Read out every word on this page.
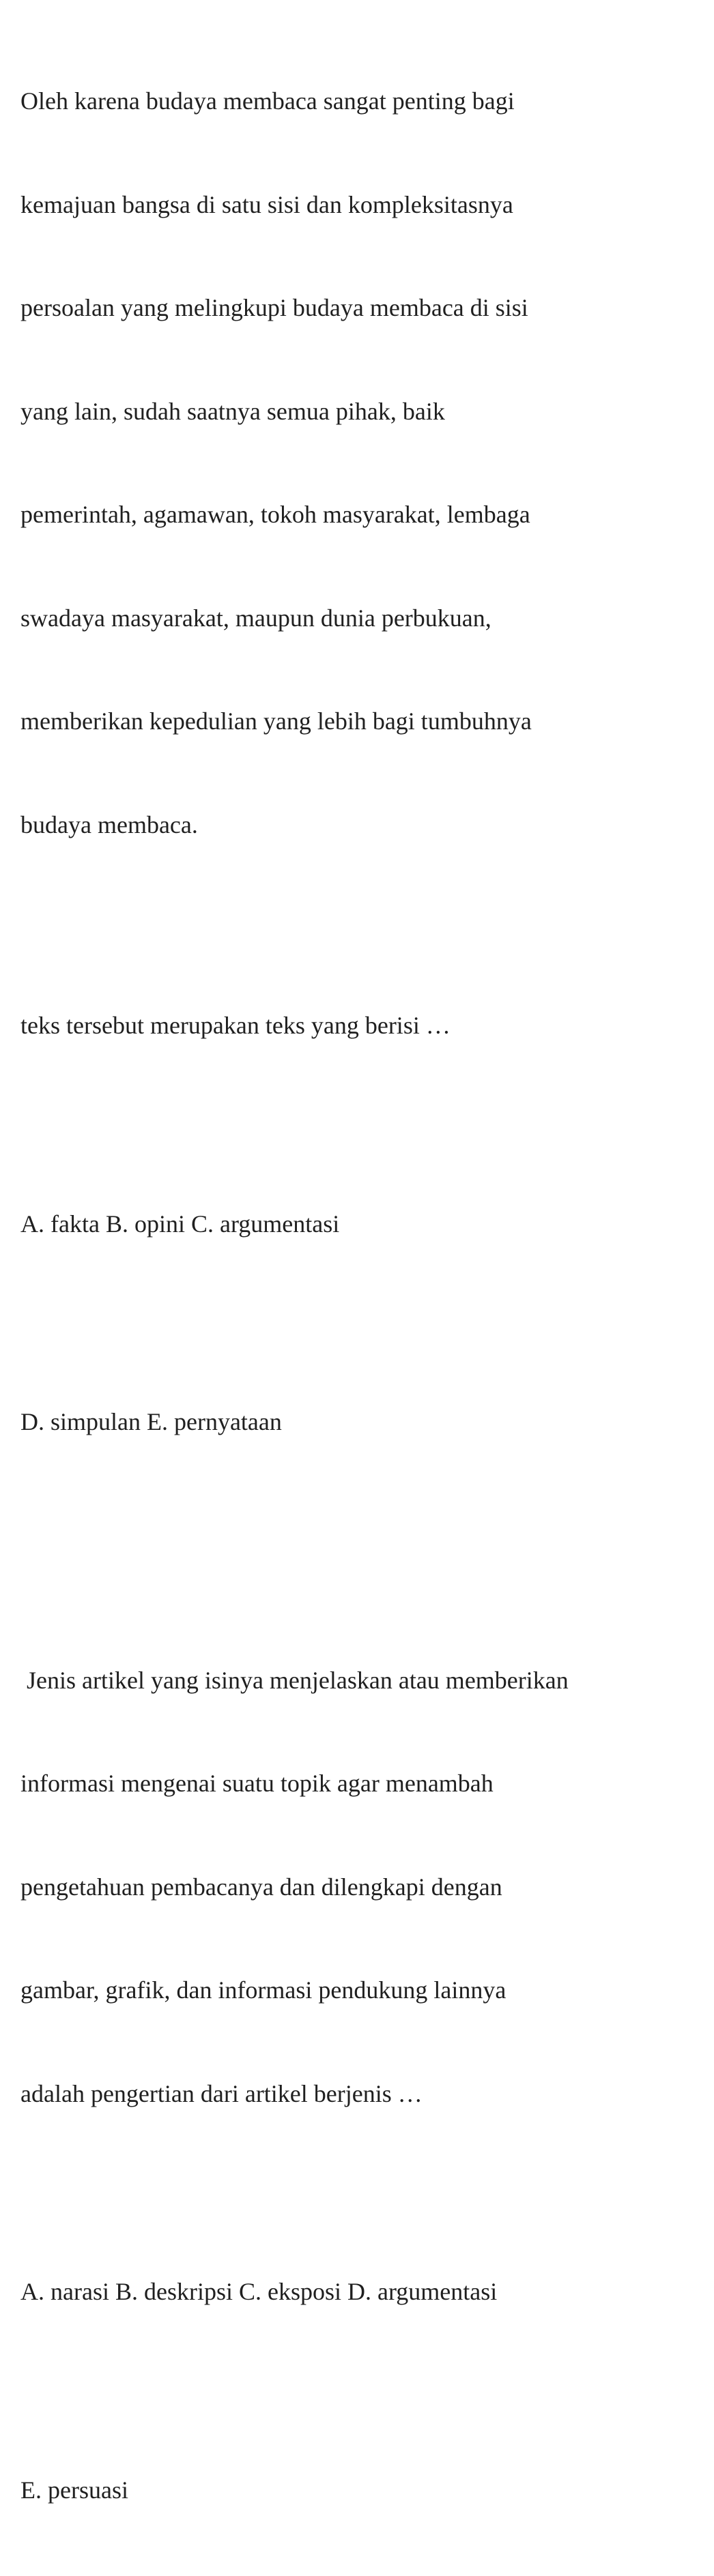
Oleh karena budaya membaca sangat penting bagi

kemajuan bangsa di satu sisi dan kompleksitasnya

persoalan yang melingkupi budaya membaca di sisi

yang lain, sudah saatnya semua pihak, baik

pemerintah, agamawan, tokoh masyarakat, lembaga

swadaya masyarakat, maupun dunia perbukuan,

memberikan kepedulian yang lebih bagi tumbuhnya

budaya membaca.

teks tersebut merupakan teks yang berisi …

A. fakta B. opini C. argumentasi

D. simpulan E. pernyataan

Jenis artikel yang isinya menjelaskan atau memberikan

informasi mengenai suatu topik agar menambah

pengetahuan pembacanya dan dilengkapi dengan

gambar, grafik, dan informasi pendukung lainnya

adalah pengertian dari artikel berjenis …

A. narasi B. deskripsi C. eksposi D. argumentasi

E. persuasi
